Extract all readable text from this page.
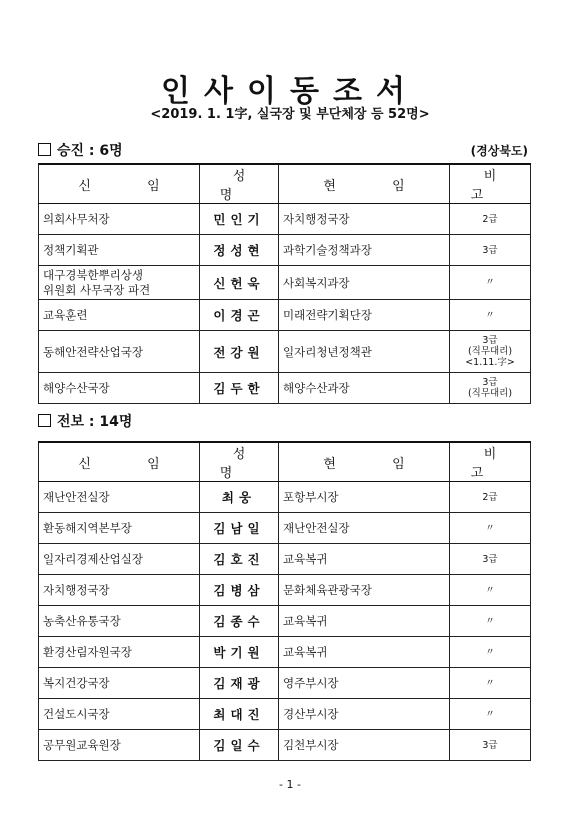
인사이동조서
<2019. 1. 1字, 실국장 및 부단체장 등 52명>
승진 : 6명	(경상북도)
신 임	성 명	현 임	비 고
의회사무처장	민인기	자치행정국장	2급
정책기획관	정성현	과학기술정책과장	3급
대구경북한뿌리상생
위원회 사무국장 파견	신헌욱	사회복지과장	〃
교육훈련	이경곤	미래전략기획단장	〃
동해안전략산업국장	전강원	일자리청년정책관	3급
(직무대리)
<1.11.字>
해양수산국장	김두한	해양수산과장	3급
(직무대리)
전보 : 14명
신 임	성 명	현 임	비 고
재난안전실장	최웅	포항부시장	2급
환동해지역본부장	김남일	재난안전실장	〃
일자리경제산업실장	김호진	교육복귀	3급
자치행정국장	김병삼	문화체육관광국장	〃
농축산유통국장	김종수	교육복귀	〃
환경산림자원국장	박기원	교육복귀	〃
복지건강국장	김재광	영주부시장	〃
건설도시국장	최대진	경산부시장	〃
공무원교육원장	김일수	김천부시장	3급
- 1 -
